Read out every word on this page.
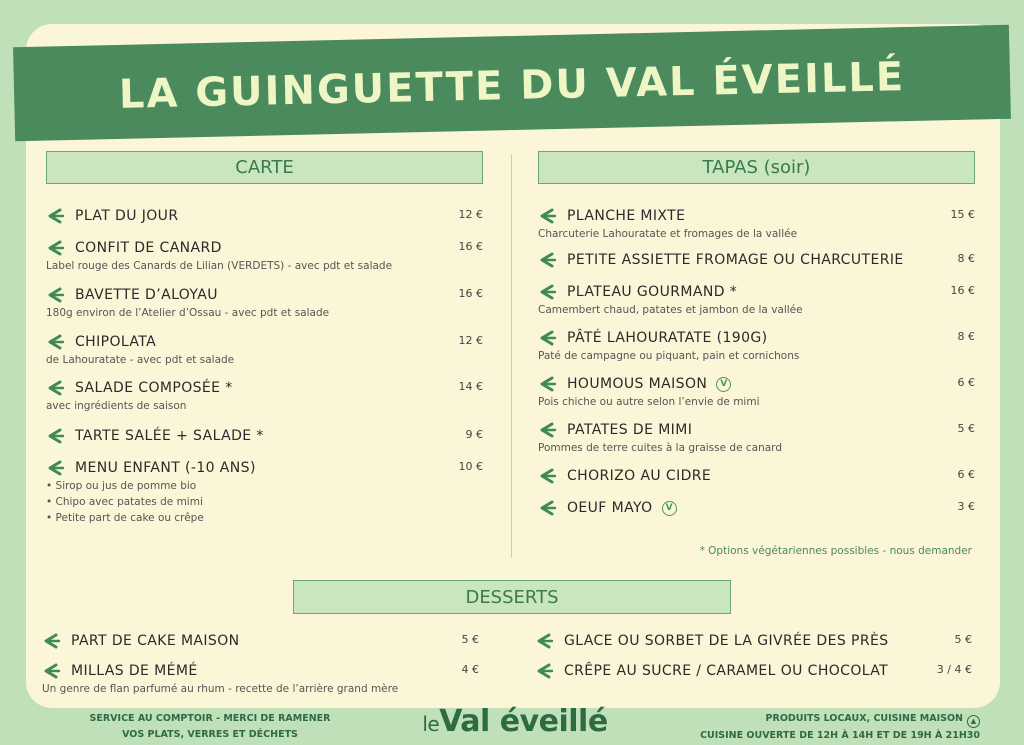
LA GUINGUETTE DU VAL ÉVEILLÉ
CARTE	TAPAS (soir)
PLAT DU JOUR	12 €
CONFIT DE CANARD	16 €
Label rouge des Canards de Lilian (VERDETS) - avec pdt et salade
BAVETTE D’ALOYAU	16 €
180g environ de l’Atelier d’Ossau - avec pdt et salade
CHIPOLATA	12 €
de Lahouratate - avec pdt et salade
SALADE COMPOSÉE *	14 €
avec ingrédients de saison
TARTE SALÉE + SALADE *	9 €
MENU ENFANT (-10 ANS)	10 €
• Sirop ou jus de pomme bio
• Chipo avec patates de mimi
• Petite part de cake ou crêpe
PLANCHE MIXTE	15 €
Charcuterie Lahouratate et fromages de la vallée
PETITE ASSIETTE FROMAGE OU CHARCUTERIE	8 €
PLATEAU GOURMAND *	16 €
Camembert chaud, patates et jambon de la vallée
PÂTÉ LAHOURATATE (190G)	8 €
Paté de campagne ou piquant, pain et cornichons
HOUMOUS MAISON	V	6 €
Pois chiche ou autre selon l’envie de mimi
PATATES DE MIMI	5 €
Pommes de terre cuites à la graisse de canard
CHORIZO AU CIDRE	6 €
OEUF MAYO	V	3 €
* Options végétariennes possibles - nous demander
DESSERTS
PART DE CAKE MAISON	5 €
MILLAS DE MÉMÉ	4 €
Un genre de flan parfumé au rhum - recette de l’arrière grand mère
GLACE OU SORBET DE LA GIVRÉE DES PRÈS	5 €
CRÊPE AU SUCRE / CARAMEL OU CHOCOLAT	3 / 4 €
SERVICE AU COMPTOIR - MERCI DE RAMENER
VOS PLATS, VERRES ET DÉCHETS	leVal éveillé	PRODUITS LOCAUX, CUISINE MAISON ▲
CUISINE OUVERTE DE 12H À 14H ET DE 19H À 21H30
